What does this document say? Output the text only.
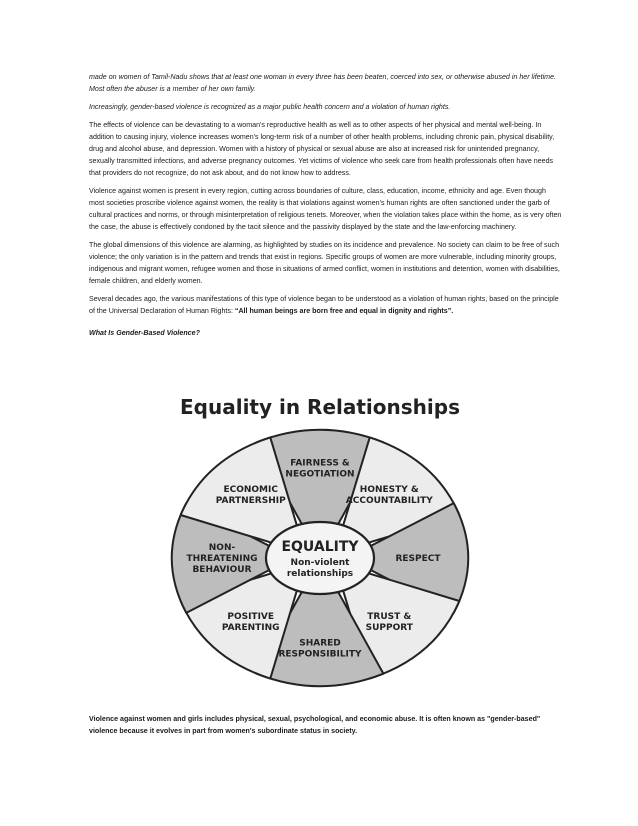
made on women of Tamil-Nadu shows that at least one woman in every three has been beaten, coerced into sex, or otherwise abused in her lifetime. Most often the abuser is a member of her own family.

Increasingly, gender-based violence is recognized as a major public health concern and a violation of human rights.

The effects of violence can be devastating to a woman's reproductive health as well as to other aspects of her physical and mental well-being. In addition to causing injury, violence increases women's long-term risk of a number of other health problems, including chronic pain, physical disability, drug and alcohol abuse, and depression. Women with a history of physical or sexual abuse are also at increased risk for unintended pregnancy, sexually transmitted infections, and adverse pregnancy outcomes. Yet victims of violence who seek care from health professionals often have needs that providers do not recognize, do not ask about, and do not know how to address.

Violence against women is present in every region, cutting across boundaries of culture, class, education, income, ethnicity and age. Even though most societies proscribe violence against women, the reality is that violations against women's human rights are often sanctioned under the garb of cultural practices and norms, or through misinterpretation of religious tenets. Moreover, when the violation takes place within the home, as is very often the case, the abuse is effectively condoned by the tacit silence and the passivity displayed by the state and the law-enforcing machinery.

The global dimensions of this violence are alarming, as highlighted by studies on its incidence and prevalence. No society can claim to be free of such violence; the only variation is in the pattern and trends that exist in regions. Specific groups of women are more vulnerable, including minority groups, indigenous and migrant women, refugee women and those in situations of armed conflict, women in institutions and detention, women with disabilities, female children, and elderly women.

Several decades ago, the various manifestations of this type of violence began to be understood as a violation of human rights, based on the principle of the Universal Declaration of Human Rights: “All human beings are born free and equal in dignity and rights”.

What Is Gender-Based Violence?

Equality in Relationships
FAIRNESS &
NEGOTIATION
HONESTY &
ACCOUNTABILITY
RESPECT
TRUST &
SUPPORT
SHARED
RESPONSIBILITY
POSITIVE
PARENTING
NON-
THREATENING
BEHAVIOUR
ECONOMIC
PARTNERSHIP
EQUALITY
Non-violent
relationships
Violence against women and girls includes physical, sexual, psychological, and economic abuse. It is often known as "gender-based" violence because it evolves in part from women's subordinate status in society.
